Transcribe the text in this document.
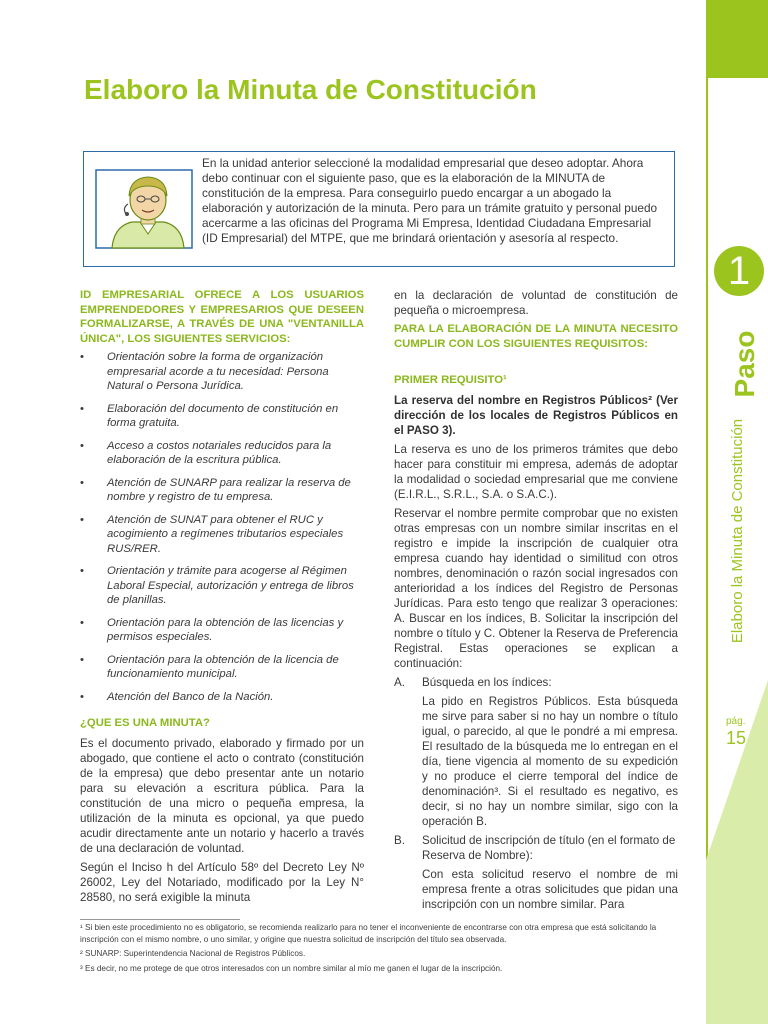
1
Paso
Elaboro la Minuta de Constitución
pág.
15
Elaboro la Minuta de Constitución
En la unidad anterior seleccioné la modalidad empresarial que deseo adoptar. Ahora debo continuar con el siguiente paso, que es la elaboración de la MINUTA de constitución de la empresa. Para conseguirlo puedo encargar a un abogado la elaboración y autorización de la minuta. Pero para un trámite gratuito y personal puedo acercarme a las oficinas del Programa Mi Empresa, Identidad Ciudadana Empresarial (ID Empresarial) del MTPE, que me brindará orientación y asesoría al respecto.
ID EMPRESARIAL OFRECE A LOS USUARIOS EMPRENDEDORES Y EMPRESARIOS QUE DESEEN FORMALIZARSE, A TRAVÉS DE UNA "VENTANILLA ÚNICA", LOS SIGUIENTES SERVICIOS:
• Orientación sobre la forma de organización empresarial acorde a tu necesidad: Persona Natural o Persona Jurídica.
• Elaboración del documento de constitución en forma gratuita.
• Acceso a costos notariales reducidos para la elaboración de la escritura pública.
• Atención de SUNARP para realizar la reserva de nombre y registro de tu empresa.
• Atención de SUNAT para obtener el RUC y acogimiento a regímenes tributarios especiales RUS/RER.
• Orientación y trámite para acogerse al Régimen Laboral Especial, autorización y entrega de libros de planillas.
• Orientación para la obtención de las licencias y permisos especiales.
• Orientación para la obtención de la licencia de funcionamiento municipal.
• Atención del Banco de la Nación.
¿QUE ES UNA MINUTA?

Es el documento privado, elaborado y firmado por un abogado, que contiene el acto o contrato (constitución de la empresa) que debo presentar ante un notario para su elevación a escritura pública. Para la constitución de una micro o pequeña empresa, la utilización de la minuta es opcional, ya que puedo acudir directamente ante un notario y hacerlo a través de una declaración de voluntad.

Según el Inciso h del Artículo 58º del Decreto Ley Nº 26002, Ley del Notariado, modificado por la Ley N° 28580, no será exigible la minuta

en la declaración de voluntad de constitución de pequeña o microempresa.

PARA LA ELABORACIÓN DE LA MINUTA NECESITO CUMPLIR CON LOS SIGUIENTES REQUISITOS:
PRIMER REQUISITO¹

La reserva del nombre en Registros Públicos² (Ver dirección de los locales de Registros Públicos en el PASO 3).

La reserva es uno de los primeros trámites que debo hacer para constituir mi empresa, además de adoptar la modalidad o sociedad empresarial que me conviene (E.I.R.L., S.R.L., S.A. o S.A.C.).

Reservar el nombre permite comprobar que no existen otras empresas con un nombre similar inscritas en el registro e impide la inscripción de cualquier otra empresa cuando hay identidad o similitud con otros nombres, denominación o razón social ingresados con anterioridad a los índices del Registro de Personas Jurídicas. Para esto tengo que realizar 3 operaciones: A. Buscar en los índices, B. Solicitar la inscripción del nombre o título y C. Obtener la Reserva de Preferencia Registral. Estas operaciones se explican a continuación:

A. Búsqueda en los índices:

La pido en Registros Públicos. Esta búsqueda me sirve para saber si no hay un nombre o título igual, o parecido, al que le pondré a mi empresa. El resultado de la búsqueda me lo entregan en el día, tiene vigencia al momento de su expedición y no produce el cierre temporal del índice de denominación³. Si el resultado es negativo, es decir, si no hay un nombre similar, sigo con la operación B.

B. Solicitud de inscripción de título (en el formato de Reserva de Nombre):

Con esta solicitud reservo el nombre de mi empresa frente a otras solicitudes que pidan una inscripción con un nombre similar. Para

¹ Si bien este procedimiento no es obligatorio, se recomienda realizarlo para no tener el inconveniente de encontrarse con otra empresa que está solicitando la inscripción con el mismo nombre, o uno similar, y origine que nuestra solicitud de inscripción del título sea observada.
² SUNARP: Superintendencia Nacional de Registros Públicos.
³ Es decir, no me protege de que otros interesados con un nombre similar al mío me ganen el lugar de la inscripción.
